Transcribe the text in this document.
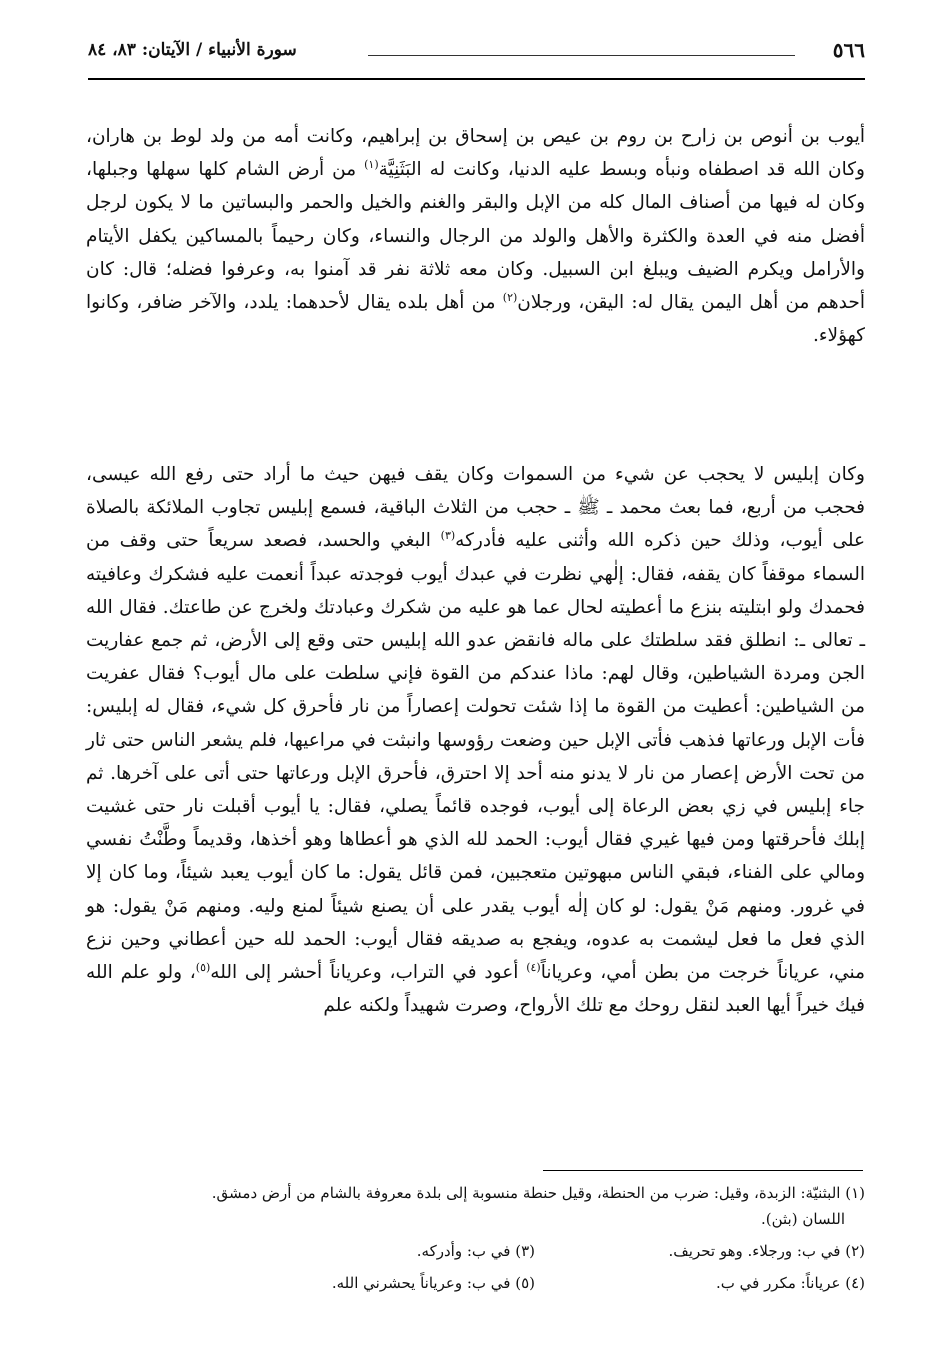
٥٦٦
سورة الأنبياء / الآيتان: ٨٣، ٨٤
أيوب بن أنوص بن زارح بن روم بن عيص بن إسحاق بن إبراهيم، وكانت أمه من ولد لوط بن هاران، وكان الله قد اصطفاه ونبأه وبسط عليه الدنيا، وكانت له البَثَنِيَّة$^{(١)}$ من أرض الشام كلها سهلها وجبلها، وكان له فيها من أصناف المال كله من الإبل والبقر والغنم والخيل والحمر والبساتين ما لا يكون لرجل أفضل منه في العدة والكثرة والأهل والولد من الرجال والنساء، وكان رحيماً بالمساكين يكفل الأيتام والأرامل ويكرم الضيف ويبلغ ابن السبيل. وكان معه ثلاثة نفر قد آمنوا به، وعرفوا فضله؛ قال: كان أحدهم من أهل اليمن يقال له: اليقن، ورجلان$^{(٢)}$ من أهل بلده يقال لأحدهما: يلدد، والآخر ضافر، وكانوا كهؤلاء.
وكان إبليس لا يحجب عن شيء من السموات وكان يقف فيهن حيث ما أراد حتى رفع الله عيسى، فحجب من أربع، فما بعث محمد ـ ﷺ ـ حجب من الثلاث الباقية، فسمع إبليس تجاوب الملائكة بالصلاة على أيوب، وذلك حين ذكره الله وأثنى عليه فأدركه$^{(٣)}$ البغي والحسد، فصعد سريعاً حتى وقف من السماء موقفاً كان يقفه، فقال: إلٰهي نظرت في عبدك أيوب فوجدته عبداً أنعمت عليه فشكرك وعافيته فحمدك ولو ابتليته بنزع ما أعطيته لحال عما هو عليه من شكرك وعبادتك ولخرج عن طاعتك. فقال الله ـ تعالى ـ: انطلق فقد سلطتك على ماله فانقض عدو الله إبليس حتى وقع إلى الأرض، ثم جمع عفاريت الجن ومردة الشياطين، وقال لهم: ماذا عندكم من القوة فإني سلطت على مال أيوب؟ فقال عفريت من الشياطين: أعطيت من القوة ما إذا شئت تحولت إعصاراً من نار فأحرق كل شيء، فقال له إبليس: فأت الإبل ورعاتها فذهب فأتى الإبل حين وضعت رؤوسها وانبثت في مراعيها، فلم يشعر الناس حتى ثار من تحت الأرض إعصار من نار لا يدنو منه أحد إلا احترق، فأحرق الإبل ورعاتها حتى أتى على آخرها. ثم جاء إبليس في زي بعض الرعاة إلى أيوب، فوجده قائماً يصلي، فقال: يا أيوب أقبلت نار حتى غشيت إبلك فأحرقتها ومن فيها غيري فقال أيوب: الحمد لله الذي هو أعطاها وهو أخذها، وقديماً وطَّنْتُ نفسي ومالي على الفناء، فبقي الناس مبهوتين متعجبين، فمن قائل يقول: ما كان أيوب يعبد شيئاً، وما كان إلا في غرور. ومنهم مَنْ يقول: لو كان إلٰه أيوب يقدر على أن يصنع شيئاً لمنع وليه. ومنهم مَنْ يقول: هو الذي فعل ما فعل ليشمت به عدوه، ويفجع به صديقه فقال أيوب: الحمد لله حين أعطاني وحين نزع مني، عرياناً خرجت من بطن أمي، وعرياناً$^{(٤)}$ أعود في التراب، وعرياناً أحشر إلى الله$^{(٥)}$، ولو علم الله فيك خيراً أيها العبد لنقل روحك مع تلك الأرواح، وصرت شهيداً ولكنه علم
(١) البثنيّة: الزبدة، وقيل: ضرب من الحنطة، وقيل حنطة منسوبة إلى بلدة معروفة بالشام من أرض دمشق.
اللسان (بثن).
(٢) في ب: ورجلاء. وهو تحريف.
(٣) في ب: وأدركه.
(٤) عرياناً: مكرر في ب.
(٥) في ب: وعرياناً يحشرني الله.
